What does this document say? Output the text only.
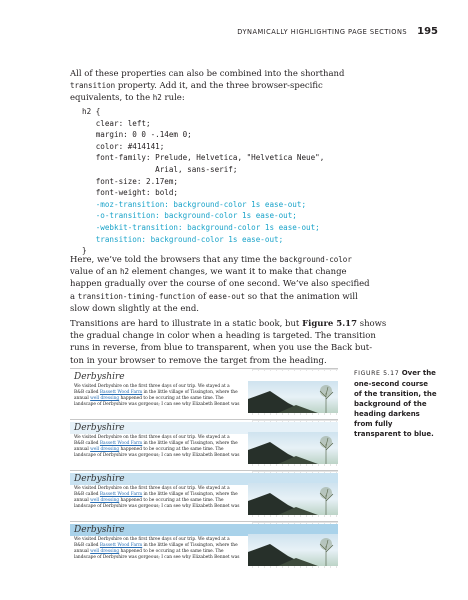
DYNAMICALLY HIGHLIGHTING PAGE SECTIONS 195

All of these properties can also be combined into the shorthand
transition property. Add it, and the three browser-specific
equivalents, to the h2 rule:

h2 {
clear: left;
margin: 0 0 -.14em 0;
color: #414141;
font-family: Prelude, Helvetica, "Helvetica Neue",
Arial, sans-serif;
font-size: 2.17em;
font-weight: bold;
-moz-transition: background-color 1s ease-out;
-o-transition: background-color 1s ease-out;
-webkit-transition: background-color 1s ease-out;
transition: background-color 1s ease-out;
}

Here, we’ve told the browsers that any time the background-color
value of an h2 element changes, we want it to make that change
happen gradually over the course of one second. We’ve also specified
a transition-timing-function of ease-out so that the animation will
slow down slightly at the end.

Transitions are hard to illustrate in a static book, but Figure 5.17 shows
the gradual change in color when a heading is targeted. The transition
runs in reverse, from blue to transparent, when you use the Back but-
ton in your browser to remove the target from the heading.

Derbyshire
We visited Derbyshire on the first three days of our trip. We stayed at a
B&B called Bassett Wood Farm in the little village of Tissington, where the
annual well dressing happened to be occuring at the same time. The
landscape of Derbyshire was gorgeous; I can see why Elizabeth Bennet was
Derbyshire
We visited Derbyshire on the first three days of our trip. We stayed at a
B&B called Bassett Wood Farm in the little village of Tissington, where the
annual well dressing happened to be occuring at the same time. The
landscape of Derbyshire was gorgeous; I can see why Elizabeth Bennet was
Derbyshire
We visited Derbyshire on the first three days of our trip. We stayed at a
B&B called Bassett Wood Farm in the little village of Tissington, where the
annual well dressing happened to be occuring at the same time. The
landscape of Derbyshire was gorgeous; I can see why Elizabeth Bennet was
Derbyshire
We visited Derbyshire on the first three days of our trip. We stayed at a
B&B called Bassett Wood Farm in the little village of Tissington, where the
annual well dressing happened to be occuring at the same time. The
landscape of Derbyshire was gorgeous; I can see why Elizabeth Bennet was
FIGURE 5.17 Over the one-second course of the transition, the background of the heading darkens from fully transparent to blue.
